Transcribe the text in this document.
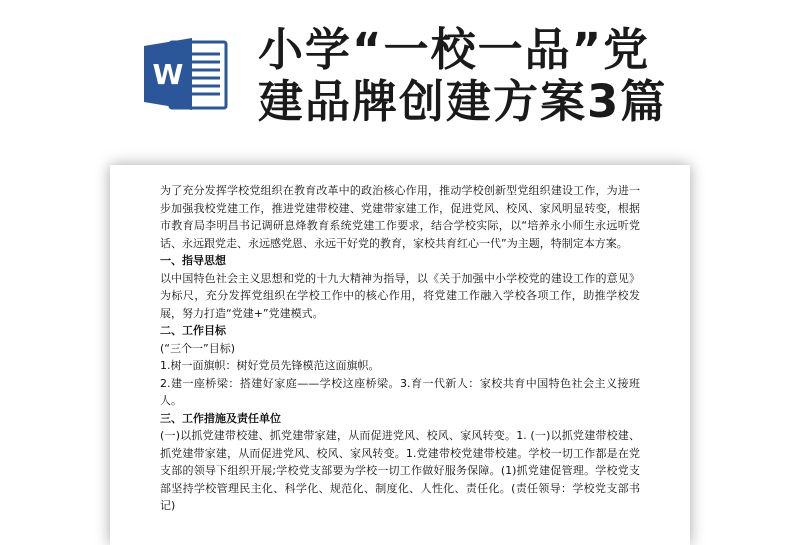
W 小学“一校一品”党
建品牌创建方案3篇

为了充分发挥学校党组织在教育改革中的政治核心作用，推动学校创新型党组织建设工作，为进一步加强我校党建工作，推进党建带校建、党建带家建工作，促进党风、校风、家风明显转变，根据市教育局李明昌书记调研息烽教育系统党建工作要求，结合学校实际，以“培养永小师生永远听党话、永远跟党走、永远感党恩、永远干好党的教育，家校共育红心一代”为主题，特制定本方案。

一、指导思想

以中国特色社会主义思想和党的十九大精神为指导，以《关于加强中小学校党的建设工作的意见》为标尺，充分发挥党组织在学校工作中的核心作用，将党建工作融入学校各项工作，助推学校发展，努力打造“党建+”党建模式。

二、工作目标

(“三个一”目标)

1.树一面旗帜：树好党员先锋模范这面旗帜。

2.建一座桥梁：搭建好家庭——学校这座桥梁。3.育一代新人：家校共育中国特色社会主义接班人。

三、工作措施及责任单位

(一)以抓党建带校建、抓党建带家建，从而促进党风、校风、家风转变。1. (一)以抓党建带校建、抓党建带家建，从而促进党风、校风、家风转变。1.党建带校党建带校建。学校一切工作都是在党支部的领导下组织开展;学校党支部要为学校一切工作做好服务保障。(1)抓党建促管理。学校党支部坚持学校管理民主化、科学化、规范化、制度化、人性化、责任化。(责任领导：学校党支部书记)
